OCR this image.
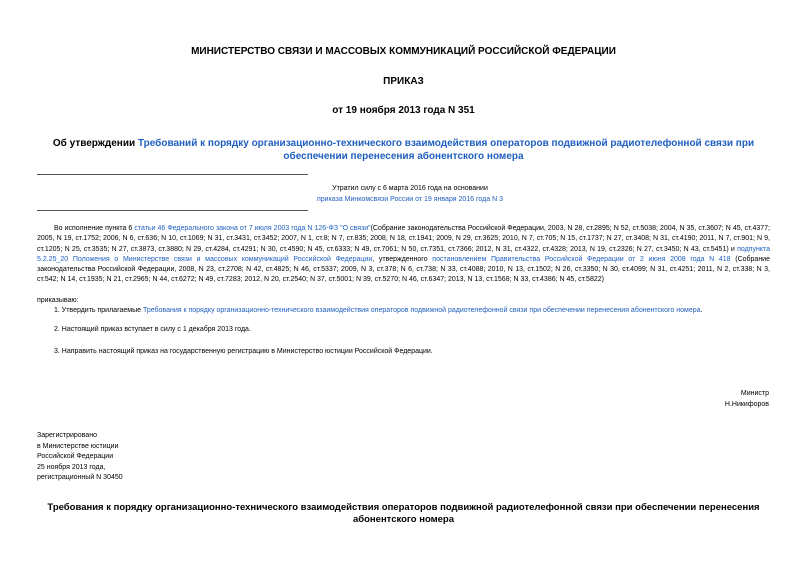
МИНИСТЕРСТВО СВЯЗИ И МАССОВЫХ КОММУНИКАЦИЙ РОССИЙСКОЙ ФЕДЕРАЦИИ
ПРИКАЗ
от 19 ноября 2013 года N 351
Об утверждении Требований к порядку организационно-технического взаимодействия операторов подвижной радиотелефонной связи при обеспечении перенесения абонентского номера
Утратил силу с 6 марта 2016 года на основании
приказа Минкомсвязи России от 19 января 2016 года N 3
Во исполнение пункта 6 статьи 46 Федерального закона от 7 июля 2003 года N 126-ФЗ "О связи"(Собрание законодательства Российской Федерации, 2003, N 28, ст.2895; N 52, ст.5038; 2004, N 35, ст.3607; N 45, ст.4377; 2005, N 19, ст.1752; 2006, N 6, ст.636; N 10, ст.1069; N 31, ст.3431, ст.3452; 2007, N 1, ст.8; N 7, ст.835; 2008, N 18, ст.1941; 2009, N 29, ст.3625; 2010, N 7, ст.705; N 15, ст.1737; N 27, ст.3408; N 31, ст.4190; 2011, N 7, ст.901; N 9, ст.1205; N 25, ст.3535; N 27, ст.3873, ст.3880; N 29, ст.4284, ст.4291; N 30, ст.4590; N 45, ст.6333; N 49, ст.7061; N 50, ст.7351, ст.7366; 2012, N 31, ст.4322, ст.4328; 2013, N 19, ст.2326; N 27, ст.3450; N 43, ст.5451) и подпункта 5.2.25_20 Положения о Министерстве связи и массовых коммуникаций Российской Федерации, утвержденного постановлением Правительства Российской Федерации от 2 июня 2008 года N 418 (Собрание законодательства Российской Федерации, 2008, N 23, ст.2708; N 42, ст.4825; N 46, ст.5337; 2009, N 3, ст.378; N 6, ст.738; N 33, ст.4088; 2010, N 13, ст.1502; N 26, ст.3350; N 30, ст.4099; N 31, ст.4251; 2011, N 2, ст.338; N 3, ст.542; N 14, ст.1935; N 21, ст.2965; N 44, ст.6272; N 49, ст.7283; 2012, N 20, ст.2540; N 37, ст.5001; N 39, ст.5270; N 46, ст.6347; 2013, N 13, ст.1568; N 33, ст.4386; N 45, ст.5822)
приказываю:
1. Утвердить прилагаемые Требования к порядку организационно-технического взаимодействия операторов подвижной радиотелефонной связи при обеспечении перенесения абонентского номера.
2. Настоящий приказ вступает в силу с 1 декабря 2013 года.
3. Направить настоящий приказ на государственную регистрацию в Министерство юстиции Российской Федерации.
Министр
Н.Никифоров
Зарегистрировано
в Министерстве юстиции
Российской Федерации
25 ноября 2013 года,
регистрационный N 30450
Требования к порядку организационно-технического взаимодействия операторов подвижной радиотелефонной связи при обеспечении перенесения абонентского номера
